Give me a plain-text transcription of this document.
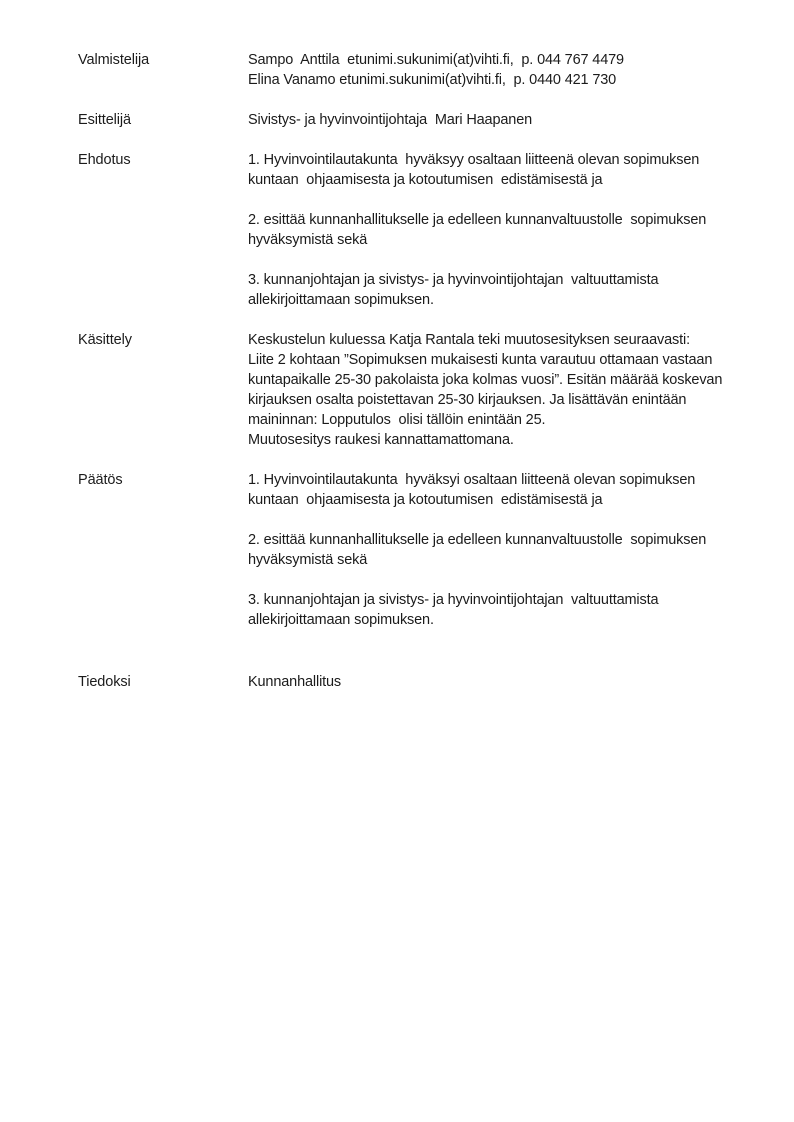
Valmistelija	Sampo  Anttila  etunimi.sukunimi(at)vihti.fi,  p. 044 767 4479
Elina Vanamo etunimi.sukunimi(at)vihti.fi,  p. 0440 421 730

Esittelijä	Sivistys- ja hyvinvointijohtaja  Mari Haapanen

Ehdotus	1. Hyvinvointilautakunta  hyväksyy osaltaan liitteenä olevan sopimuksen
kuntaan  ohjaamisesta ja kotoutumisen  edistämisestä ja

2. esittää kunnanhallitukselle ja edelleen kunnanvaltuustolle  sopimuksen
hyväksymistä sekä

3. kunnanjohtajan ja sivistys- ja hyvinvointijohtajan  valtuuttamista
allekirjoittamaan sopimuksen.

Käsittely	Keskustelun kuluessa Katja Rantala teki muutosesityksen seuraavasti:
Liite 2 kohtaan ”Sopimuksen mukaisesti kunta varautuu ottamaan vastaan
kuntapaikalle 25-30 pakolaista joka kolmas vuosi”. Esitän määrää koskevan
kirjauksen osalta poistettavan 25-30 kirjauksen. Ja lisättävän enintään
maininnan: Lopputulos  olisi tällöin enintään 25.
Muutosesitys raukesi kannattamattomana.

Päätös	1. Hyvinvointilautakunta  hyväksyi osaltaan liitteenä olevan sopimuksen
kuntaan  ohjaamisesta ja kotoutumisen  edistämisestä ja

2. esittää kunnanhallitukselle ja edelleen kunnanvaltuustolle  sopimuksen
hyväksymistä sekä

3. kunnanjohtajan ja sivistys- ja hyvinvointijohtajan  valtuuttamista
allekirjoittamaan sopimuksen.

Tiedoksi	Kunnanhallitus
